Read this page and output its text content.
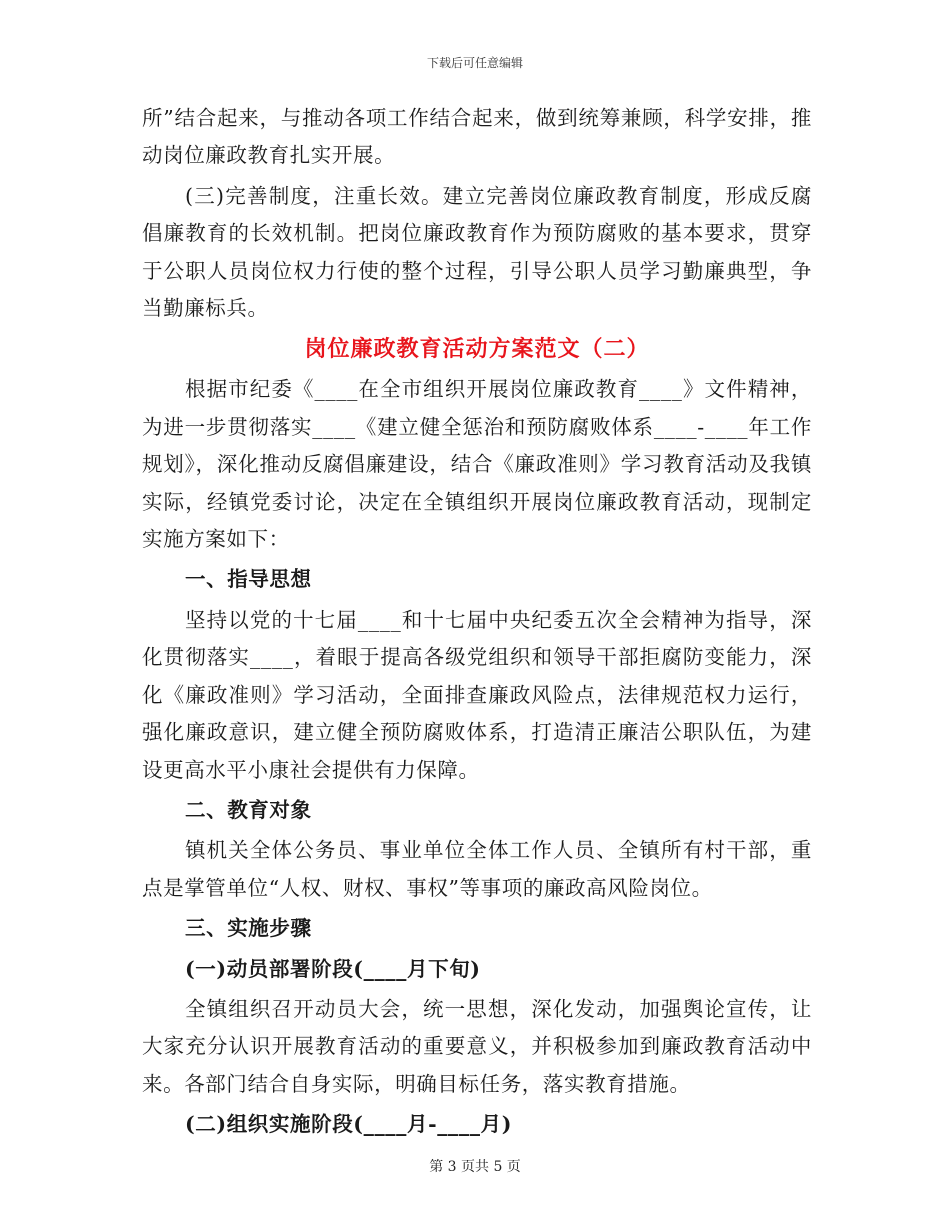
下载后可任意编辑

所”结合起来，与推动各项工作结合起来，做到统筹兼顾，科学安排，推动岗位廉政教育扎实开展。

(三)完善制度，注重长效。建立完善岗位廉政教育制度，形成反腐倡廉教育的长效机制。把岗位廉政教育作为预防腐败的基本要求，贯穿于公职人员岗位权力行使的整个过程，引导公职人员学习勤廉典型，争当勤廉标兵。

岗位廉政教育活动方案范文（二）

根据市纪委《____在全市组织开展岗位廉政教育____》文件精神，为进一步贯彻落实____《建立健全惩治和预防腐败体系____-____年工作规划》，深化推动反腐倡廉建设，结合《廉政准则》学习教育活动及我镇实际，经镇党委讨论，决定在全镇组织开展岗位廉政教育活动，现制定实施方案如下：

一、指导思想

坚持以党的十七届____和十七届中央纪委五次全会精神为指导，深化贯彻落实____，着眼于提高各级党组织和领导干部拒腐防变能力，深化《廉政准则》学习活动，全面排查廉政风险点，法律规范权力运行，强化廉政意识，建立健全预防腐败体系，打造清正廉洁公职队伍，为建设更高水平小康社会提供有力保障。

二、教育对象

镇机关全体公务员、事业单位全体工作人员、全镇所有村干部，重点是掌管单位“人权、财权、事权”等事项的廉政高风险岗位。

三、实施步骤

(一)动员部署阶段(____月下旬)

全镇组织召开动员大会，统一思想，深化发动，加强舆论宣传，让大家充分认识开展教育活动的重要意义，并积极参加到廉政教育活动中来。各部门结合自身实际，明确目标任务，落实教育措施。

(二)组织实施阶段(____月-____月)

第 3 页共 5 页
